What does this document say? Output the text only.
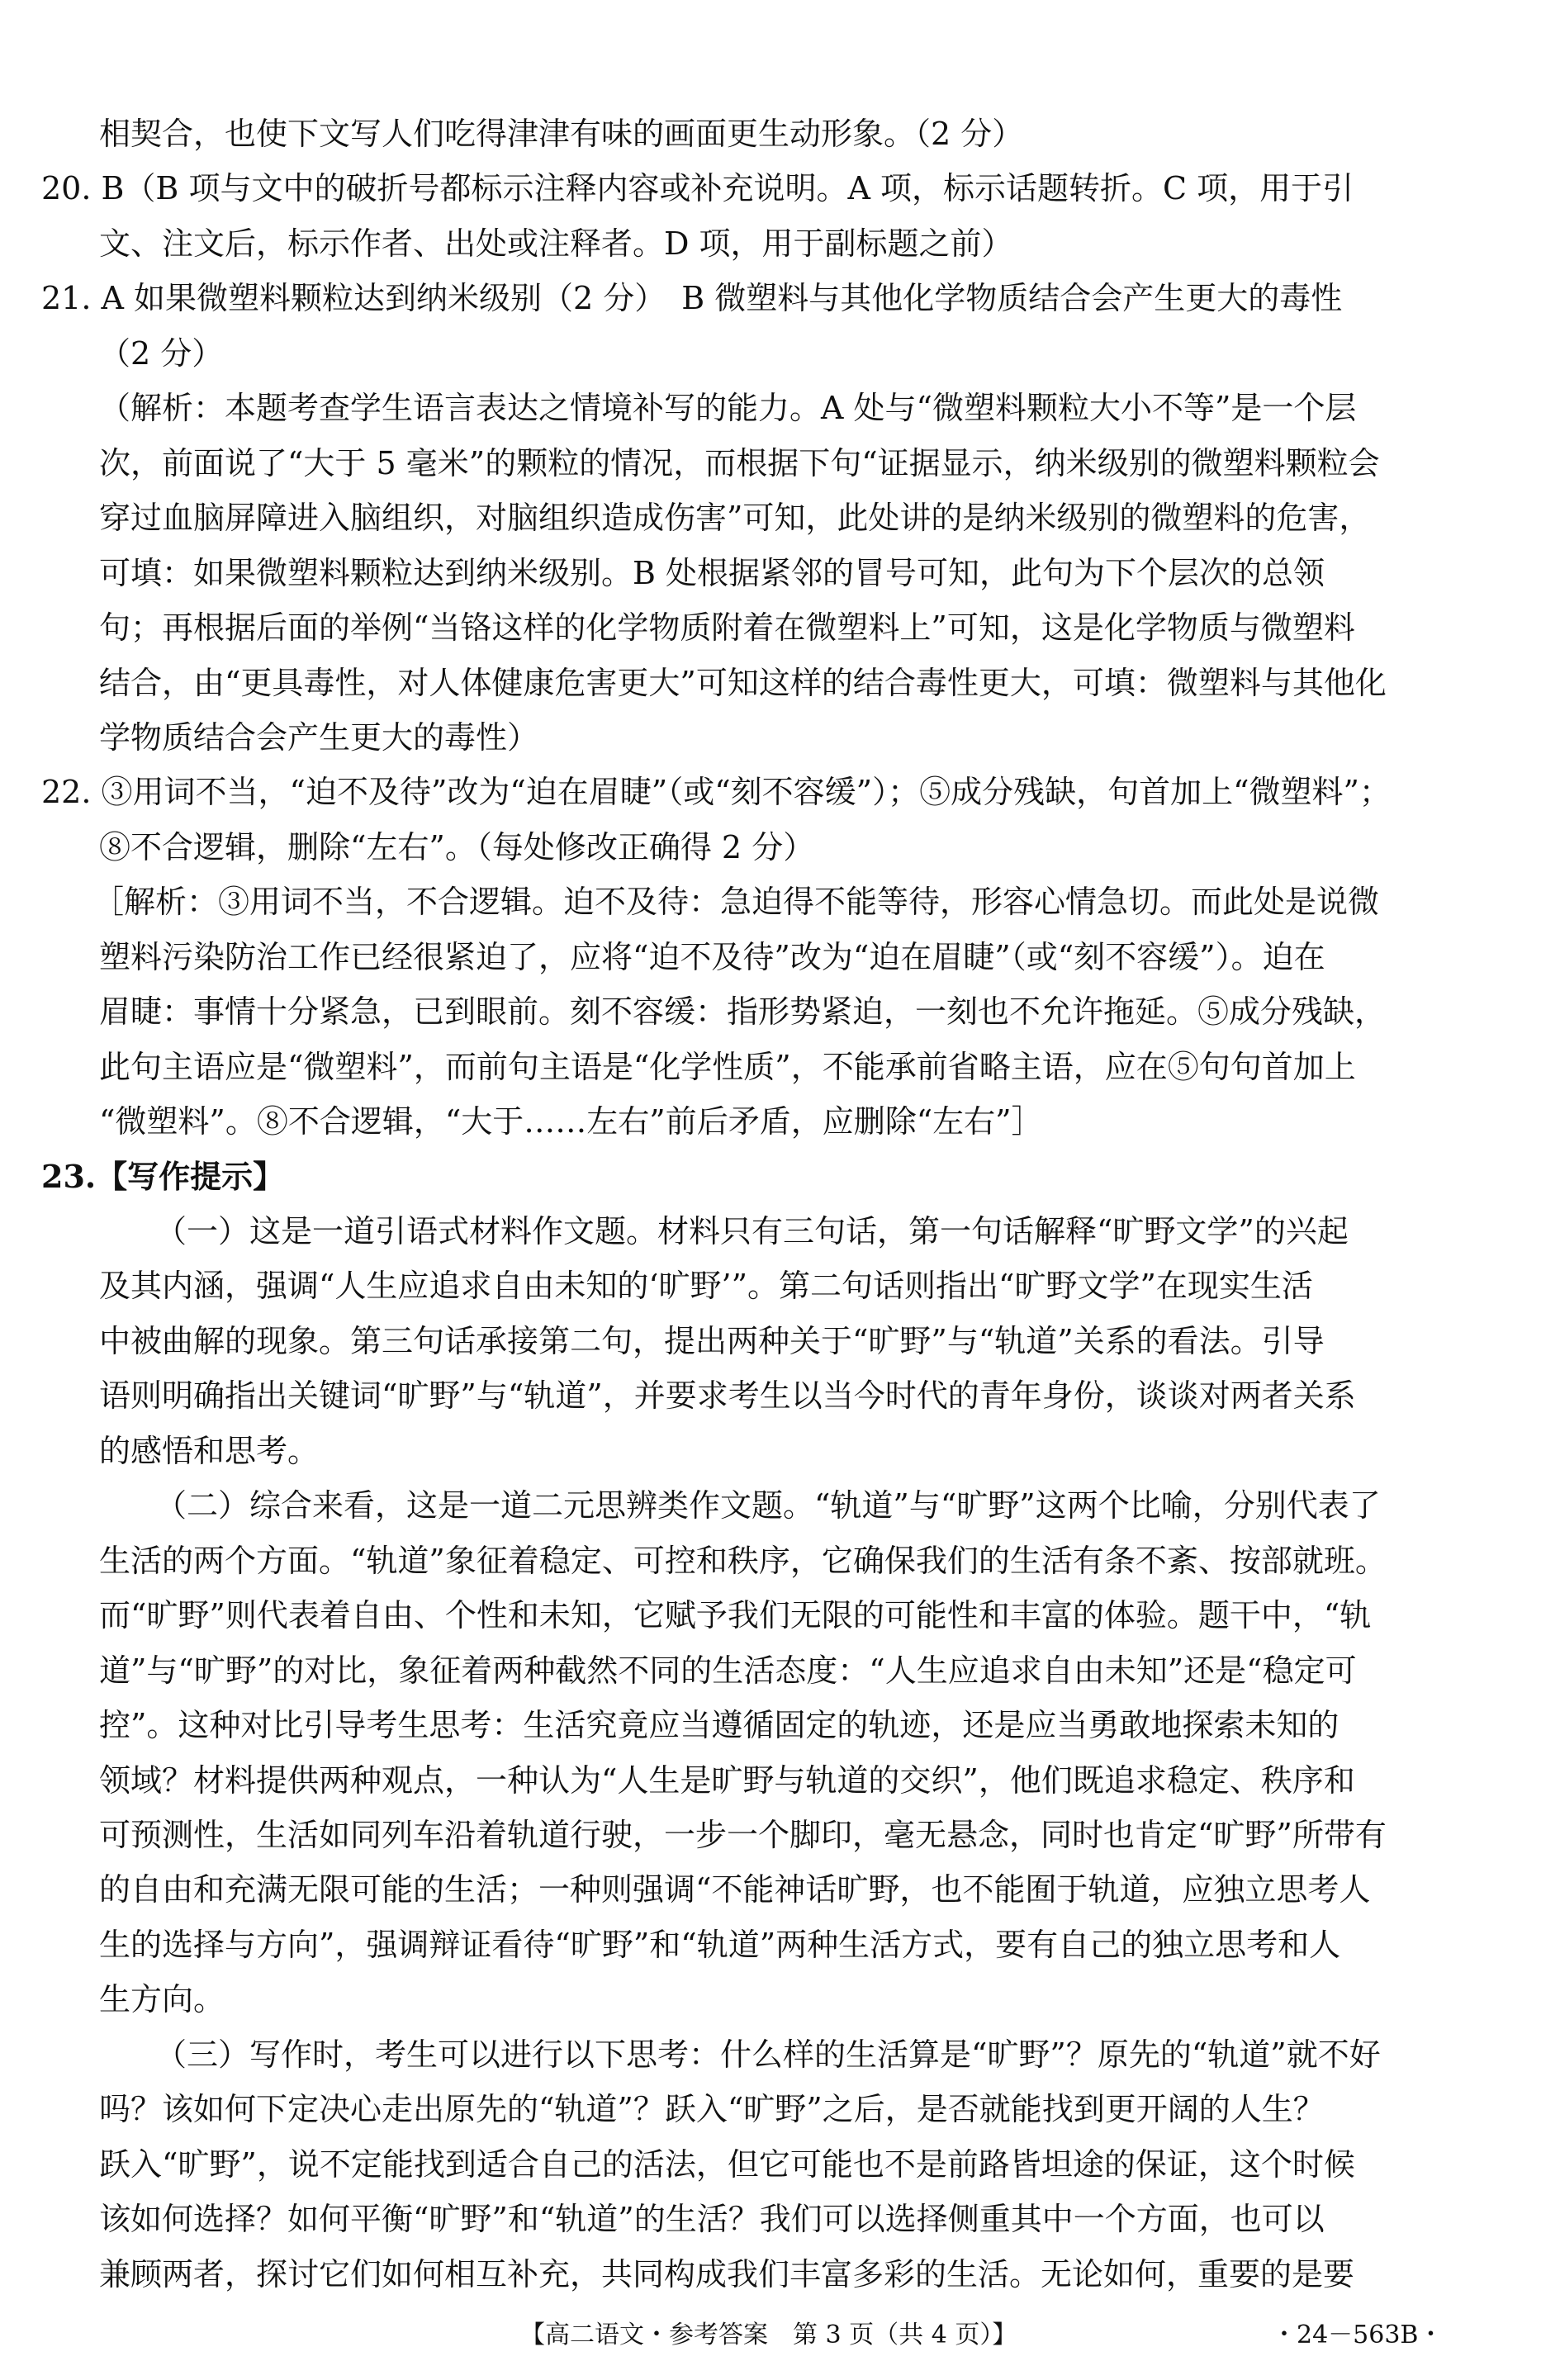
相契合，也使下文写人们吃得津津有味的画面更生动形象。（2 分）
20. B（B 项与文中的破折号都标示注释内容或补充说明。A 项，标示话题转折。C 项，用于引
文、注文后，标示作者、出处或注释者。D 项，用于副标题之前）
21. A 如果微塑料颗粒达到纳米级别（2 分）　B 微塑料与其他化学物质结合会产生更大的毒性
（2 分）
（解析：本题考查学生语言表达之情境补写的能力。A 处与“微塑料颗粒大小不等”是一个层
次，前面说了“大于 5 毫米”的颗粒的情况，而根据下句“证据显示，纳米级别的微塑料颗粒会
穿过血脑屏障进入脑组织，对脑组织造成伤害”可知，此处讲的是纳米级别的微塑料的危害，
可填：如果微塑料颗粒达到纳米级别。B 处根据紧邻的冒号可知，此句为下个层次的总领
句；再根据后面的举例“当铬这样的化学物质附着在微塑料上”可知，这是化学物质与微塑料
结合，由“更具毒性，对人体健康危害更大”可知这样的结合毒性更大，可填：微塑料与其他化
学物质结合会产生更大的毒性）
22. ③用词不当，“迫不及待”改为“迫在眉睫”（或“刻不容缓”）；⑤成分残缺，句首加上“微塑料”；
⑧不合逻辑，删除“左右”。（每处修改正确得 2 分）
［解析：③用词不当，不合逻辑。迫不及待：急迫得不能等待，形容心情急切。而此处是说微
塑料污染防治工作已经很紧迫了，应将“迫不及待”改为“迫在眉睫”（或“刻不容缓”）。迫在
眉睫：事情十分紧急，已到眼前。刻不容缓：指形势紧迫，一刻也不允许拖延。⑤成分残缺，
此句主语应是“微塑料”，而前句主语是“化学性质”，不能承前省略主语，应在⑤句句首加上
“微塑料”。⑧不合逻辑，“大于……左右”前后矛盾，应删除“左右”］
23.【写作提示】
（一）这是一道引语式材料作文题。材料只有三句话，第一句话解释“旷野文学”的兴起
及其内涵，强调“人生应追求自由未知的‘旷野’”。第二句话则指出“旷野文学”在现实生活
中被曲解的现象。第三句话承接第二句，提出两种关于“旷野”与“轨道”关系的看法。引导
语则明确指出关键词“旷野”与“轨道”，并要求考生以当今时代的青年身份，谈谈对两者关系
的感悟和思考。
（二）综合来看，这是一道二元思辨类作文题。“轨道”与“旷野”这两个比喻，分别代表了
生活的两个方面。“轨道”象征着稳定、可控和秩序，它确保我们的生活有条不紊、按部就班。
而“旷野”则代表着自由、个性和未知，它赋予我们无限的可能性和丰富的体验。题干中，“轨
道”与“旷野”的对比，象征着两种截然不同的生活态度：“人生应追求自由未知”还是“稳定可
控”。这种对比引导考生思考：生活究竟应当遵循固定的轨迹，还是应当勇敢地探索未知的
领域？材料提供两种观点，一种认为“人生是旷野与轨道的交织”，他们既追求稳定、秩序和
可预测性，生活如同列车沿着轨道行驶，一步一个脚印，毫无悬念，同时也肯定“旷野”所带有
的自由和充满无限可能的生活；一种则强调“不能神话旷野，也不能囿于轨道，应独立思考人
生的选择与方向”，强调辩证看待“旷野”和“轨道”两种生活方式，要有自己的独立思考和人
生方向。
（三）写作时，考生可以进行以下思考：什么样的生活算是“旷野”？原先的“轨道”就不好
吗？该如何下定决心走出原先的“轨道”？跃入“旷野”之后，是否就能找到更开阔的人生？
跃入“旷野”，说不定能找到适合自己的活法，但它可能也不是前路皆坦途的保证，这个时候
该如何选择？如何平衡“旷野”和“轨道”的生活？我们可以选择侧重其中一个方面，也可以
兼顾两者，探讨它们如何相互补充，共同构成我们丰富多彩的生活。无论如何，重要的是要
【高二语文・参考答案　第 3 页（共 4 页）】	・24－563B・
